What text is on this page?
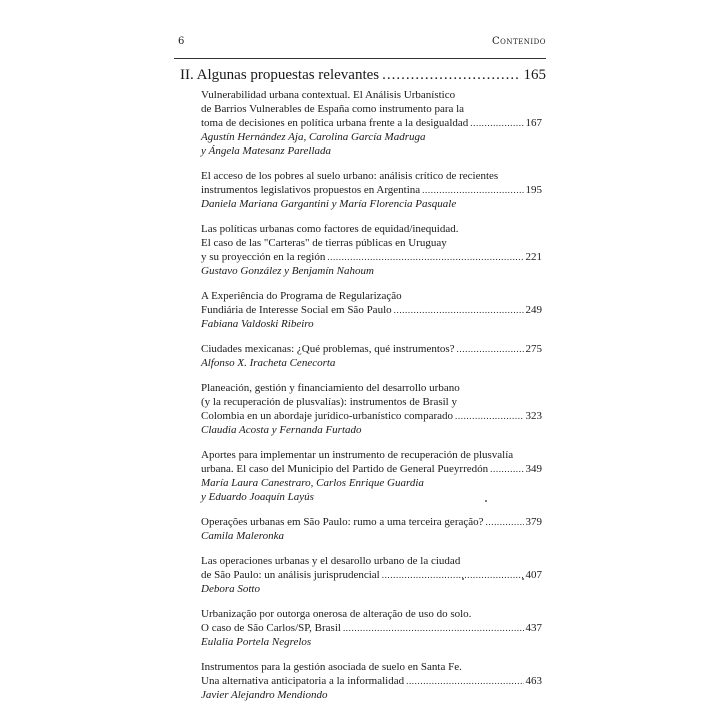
6	Contenido
II. Algunas propuestas relevantes .....	165
Vulnerabilidad urbana contextual. El Análisis Urbanístico
de Barrios Vulnerables de España como instrumento para la
toma de decisiones en política urbana frente a la desigualdad .....	167
Agustín Hernández Aja, Carolina García Madruga
y Ángela Matesanz Parellada
El acceso de los pobres al suelo urbano: análisis crítico de recientes
instrumentos legislativos propuestos en Argentina .....	195
Daniela Mariana Gargantini y María Florencia Pasquale
Las políticas urbanas como factores de equidad/inequidad.
El caso de las "Carteras" de tierras públicas en Uruguay
y su proyección en la región .....	221
Gustavo González y Benjamín Nahoum
A Experiência do Programa de Regularização
Fundiária de Interesse Social em São Paulo .....	249
Fabiana Valdoski Ribeiro
Ciudades mexicanas: ¿Qué problemas, qué instrumentos? .....	275
Alfonso X. Iracheta Cenecorta
Planeación, gestión y financiamiento del desarrollo urbano
(y la recuperación de plusvalías): instrumentos de Brasil y
Colombia en un abordaje jurídico-urbanístico comparado .....	323
Claudia Acosta y Fernanda Furtado
Aportes para implementar un instrumento de recuperación de plusvalía
urbana. El caso del Municipio del Partido de General Pueyrredón .....	349
María Laura Canestraro, Carlos Enrique Guardia
y Eduardo Joaquín Layús
Operações urbanas em São Paulo: rumo a uma terceira geração? .....	379
Camila Maleronka
Las operaciones urbanas y el desarollo urbano de la ciudad
de São Paulo: un análisis jurisprudencial .....	407
Debora Sotto
Urbanização por outorga onerosa de alteração de uso do solo.
O caso de São Carlos/SP, Brasil .....	437
Eulalia Portela Negrelos
Instrumentos para la gestión asociada de suelo en Santa Fe.
Una alternativa anticipatoria a la informalidad .....	463
Javier Alejandro Mendiondo
